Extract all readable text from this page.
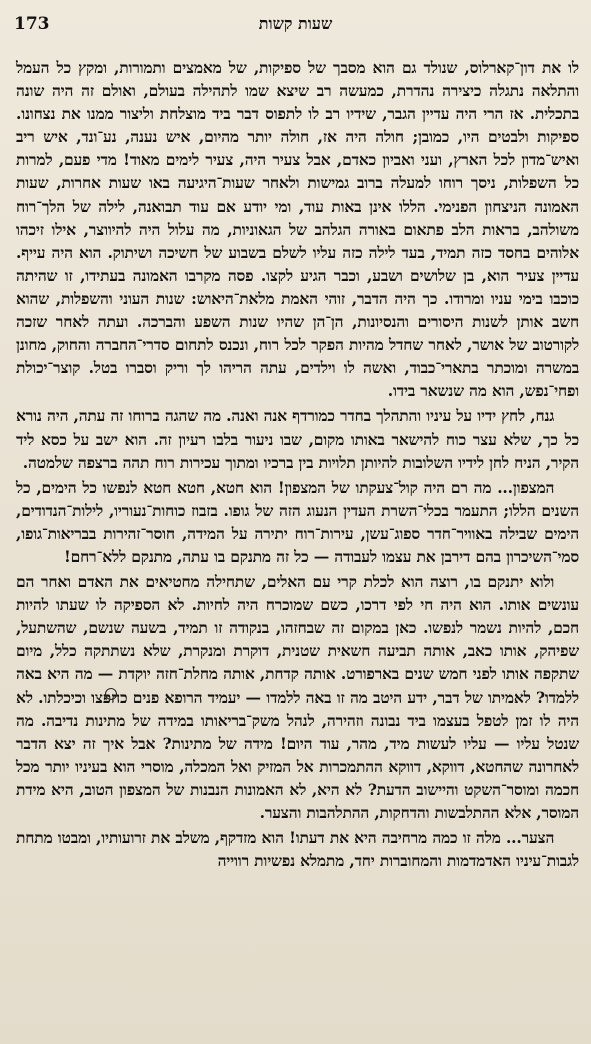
173	שעות קשות

לו את דון־קארלוס, שנולד גם הוא מסבך של ספיקות, של מאמצים ותמורות, ומקץ כל העמל והתלאה נתגלה כיצירה נהדרת, כמעשה רב שיצא שמו לתהילה בעולם, ואולם זה היה שונה בתכלית. אז הרי היה עדיין הגבר, שידיו רב לו לתפוס דבר ביד מוצלחת וליצור ממנו את נצחונו. ספיקות ולבטים היו, כמובן; חולה היה אז, חולה יותר מהיום, איש נענה, נע־ונד, איש ריב ואיש־מדון לכל הארץ, ועני ואביון כאדם, אבל צעיר היה, צעיר לימים מאוד! מדי פעם, למרות כל השפלות, ניסך רוחו למעלה ברוב גמישות ולאחר שעות־היגיעה באו שעות אחרות, שעות האמונה הניצחון הפנימי. הללו אינן באות עוד, ומי יודע אם עוד תבואנה, לילה של הלך־רוח משולהב, בראות הלב פתאום באורה הגלהב של הגאוניות, מה עלול היה להיווצר, אילו זיכהו אלוהים בחסד כזה תמיד, בעד לילה כזה עליו לשלם בשבוע של חשיכה ושיתוק. הוא היה עייף. עדיין צעיר הוא, בן שלושים ושבע, וכבר הגיע לקצו. פסה מקרבו האמונה בעתידו, זו שהיתה כוכבו בימי עניו ומרודו. כך היה הדבר, זוהי האמת מלאת־היאוש: שנות העוני והשפלות, שהוא חשב אותן לשנות היסורים והנסיונות, הן־הן שהיו שנות השפע והברכה. ועתה לאחר שזכה לקורטוב של אושר, לאחר שחדל מהיות הפקר לכל רוח, ונכנס לתחום סדרי־החברה והחוק, מחונן במשרה ומוכתר בתארי־כבוד, ואשה לו וילדים, עתה הריהו לך וריק וסברו בטל. קוצר־יכולת ופחי־נפש, הוא מה שנשאר בידו.

גנח, לחץ ידיו על עיניו והתהלך בחדר כמורדף אנה ואנה. מה שהגה ברוחו זה עתה, היה נורא כל כך, שלא עצר כוח להישאר באותו מקום, שבו ניעור בלבו רעיון זה. הוא ישב על כסא ליד הקיר, הניח לחן לידיו השלובות להיותן תלויות בין ברכיו ומתוך עכירות רוח תהה ברצפה שלמטה.

המצפון... מה רם היה קול־צעקתו של המצפון! הוא חטא, חטא חטא לנפשו כל הימים, כל השנים הללו; התעמר בכלי־השרת העדין הנעוג הזה של גופו. בזבוז כוחות־נעוריו, לילות־הנדודים, הימים שבילה באוויר־חדר ספוג־עשן, עירות־רוח יתירה על המידה, חוסר־זהירות בבריאות־גופו, סמי־השיכרון בהם דירבן את עצמו לעבודה — כל זה מתנקם בו עתה, מתנקם ללא־רחם!

ולוא יתנקם בו, רוצה הוא לכלת קרי עם האלים, שתחילה מחטיאים את האדם ואחר הם עונשים אותו. הוא היה חי לפי דרכו, כשם שמוכרח היה לחיות. לא הספיקה לו שעתו להיות חכם, להיות נשמר לנפשו. כאן במקום זה שבחזהו, בנקודה זו תמיד, בשעה שנשם, שהשתעל, שפיהק, אותו כאב, אותה תביעה חשאית שטנית, דוקרת ומנקרת, שלא נשתתקה כלל, מיום שתקפה אותו לפני חמש שנים בארפורט. אותה קדחת, אותה מחלת־חזה יוקדת — מה היא באה ללמדו? לאמיתו של דבר, ידע היטב מה זו באה ללמדו — יעמיד הרופא פנים כחפצו וכיכלתו. לא היה לו זמן לטפל בעצמו ביד נבונה וזהירה, לנהל משק־בריאותו במידה של מתינות נדיבה. מה שנטל עליו — עליו לעשות מיד, מהר, עוד היום! מידה של מתינות? אבל איך זה יצא הדבר לאחרונה שהחטא, דווקא, דווקא ההתמכרות אל המזיק ואל המכלה, מוסרי הוא בעיניו יותר מכל חכמה ומוסר־השקט והיישוב הדעת? לא היא, לא האמונות הנבנות של המצפון הטוב, היא מידת המוסר, אלא ההתלבשות והדחקות, ההתלהבות והצער.

הצער... מלה זו כמה מרחיבה היא את דעתו! הוא מזדקף, משלב את זרועותיו, ומבטו מתחת לגבות־עיניו האדמדמות והמחוברות יחד, מתמלא נפשיות רווייה
